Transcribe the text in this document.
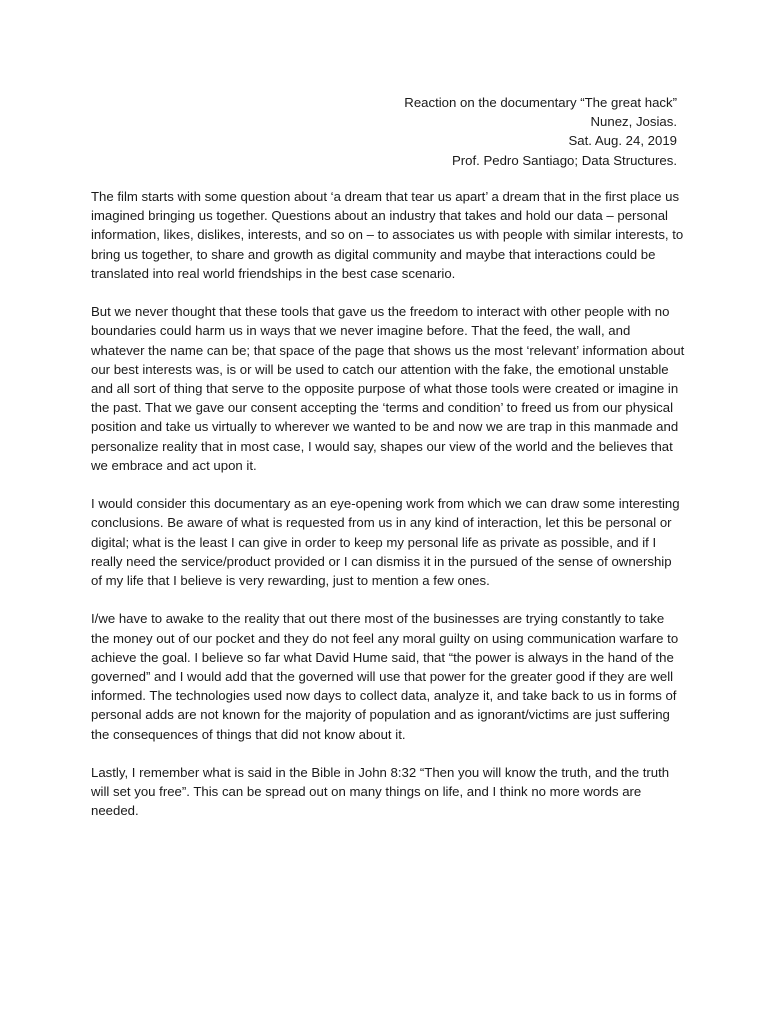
Reaction on the documentary “The great hack”
Nunez, Josias.
Sat. Aug. 24, 2019
Prof. Pedro Santiago; Data Structures.

The film starts with some question about ‘a dream that tear us apart’ a dream that in the first place us imagined bringing us together. Questions about an industry that takes and hold our data – personal information, likes, dislikes, interests, and so on – to associates us with people with similar interests, to bring us together, to share and growth as digital community and maybe that interactions could be translated into real world friendships in the best case scenario.

But we never thought that these tools that gave us the freedom to interact with other people with no boundaries could harm us in ways that we never imagine before. That the feed, the wall, and whatever the name can be; that space of the page that shows us the most ‘relevant’ information about our best interests was, is or will be used to catch our attention with the fake, the emotional unstable and all sort of thing that serve to the opposite purpose of what those tools were created or imagine in the past. That we gave our consent accepting the ‘terms and condition’ to freed us from our physical position and take us virtually to wherever we wanted to be and now we are trap in this manmade and personalize reality that in most case, I would say, shapes our view of the world and the believes that we embrace and act upon it.

I would consider this documentary as an eye-opening work from which we can draw some interesting conclusions. Be aware of what is requested from us in any kind of interaction, let this be personal or digital; what is the least I can give in order to keep my personal life as private as possible, and if I really need the service/product provided or I can dismiss it in the pursued of the sense of ownership of my life that I believe is very rewarding, just to mention a few ones.

I/we have to awake to the reality that out there most of the businesses are trying constantly to take the money out of our pocket and they do not feel any moral guilty on using communication warfare to achieve the goal. I believe so far what David Hume said, that “the power is always in the hand of the governed” and I would add that the governed will use that power for the greater good if they are well informed. The technologies used now days to collect data, analyze it, and take back to us in forms of personal adds are not known for the majority of population and as ignorant/victims are just suffering the consequences of things that did not know about it.

Lastly, I remember what is said in the Bible in John 8:32 “Then you will know the truth, and the truth will set you free”. This can be spread out on many things on life, and I think no more words are needed.
